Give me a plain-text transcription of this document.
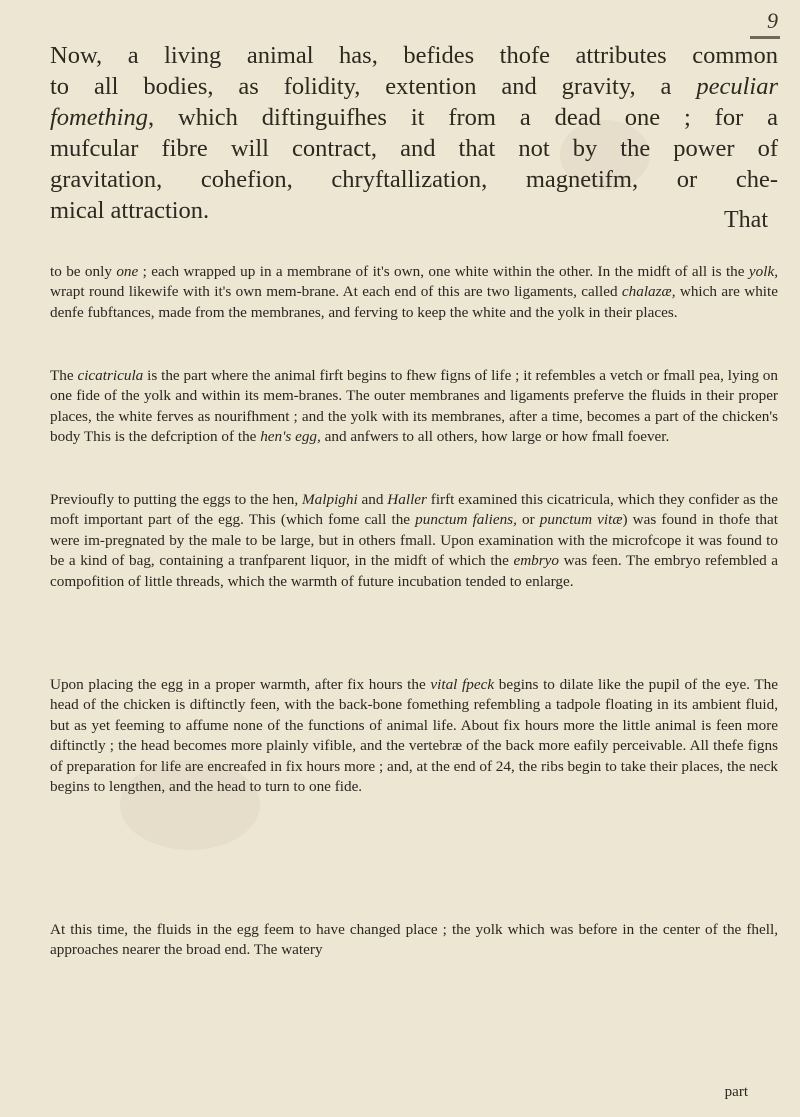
9
Now, a living animal has, befides thofe attributes common
to all bodies, as folidity, extention and gravity, a peculiar
fomething, which diftinguifhes it from a dead one ; for a
mufcular fibre will contract, and that not by the power of
gravitation, cohefion, chryftallization, magnetifm, or che-
mical attraction.	That

to be only one ; each wrapped up in a membrane of it's own, one white within the other. In the midft of all is the yolk, wrapt round likewife with it's own mem-brane. At each end of this are two ligaments, called chalazæ, which are white denfe fubftances, made from the membranes, and ferving to keep the white and the yolk in their places.

The cicatricula is the part where the animal firft begins to fhew figns of life ; it refembles a vetch or fmall pea, lying on one fide of the yolk and within its mem-branes. The outer membranes and ligaments preferve the fluids in their proper places, the white ferves as nourifhment ; and the yolk with its membranes, after a time, becomes a part of the chicken's body This is the defcription of the hen's egg, and anfwers to all others, how large or how fmall foever.

Previoufly to putting the eggs to the hen, Malpighi and Haller firft examined this cicatricula, which they confider as the moft important part of the egg. This (which fome call the punctum faliens, or punctum vitæ) was found in thofe that were im-pregnated by the male to be large, but in others fmall. Upon examination with the microfcope it was found to be a kind of bag, containing a tranfparent liquor, in the midft of which the embryo was feen. The embryo refembled a compofition of little threads, which the warmth of future incubation tended to enlarge.

Upon placing the egg in a proper warmth, after fix hours the vital fpeck begins to dilate like the pupil of the eye. The head of the chicken is diftinctly feen, with the back-bone fomething refembling a tadpole floating in its ambient fluid, but as yet feeming to affume none of the functions of animal life. About fix hours more the little animal is feen more diftinctly ; the head becomes more plainly vifible, and the vertebræ of the back more eafily perceivable. All thefe figns of preparation for life are encreafed in fix hours more ; and, at the end of 24, the ribs begin to take their places, the neck begins to lengthen, and the head to turn to one fide.

At this time, the fluids in the egg feem to have changed place ; the yolk which was before in the center of the fhell, approaches nearer the broad end. The watery

part
